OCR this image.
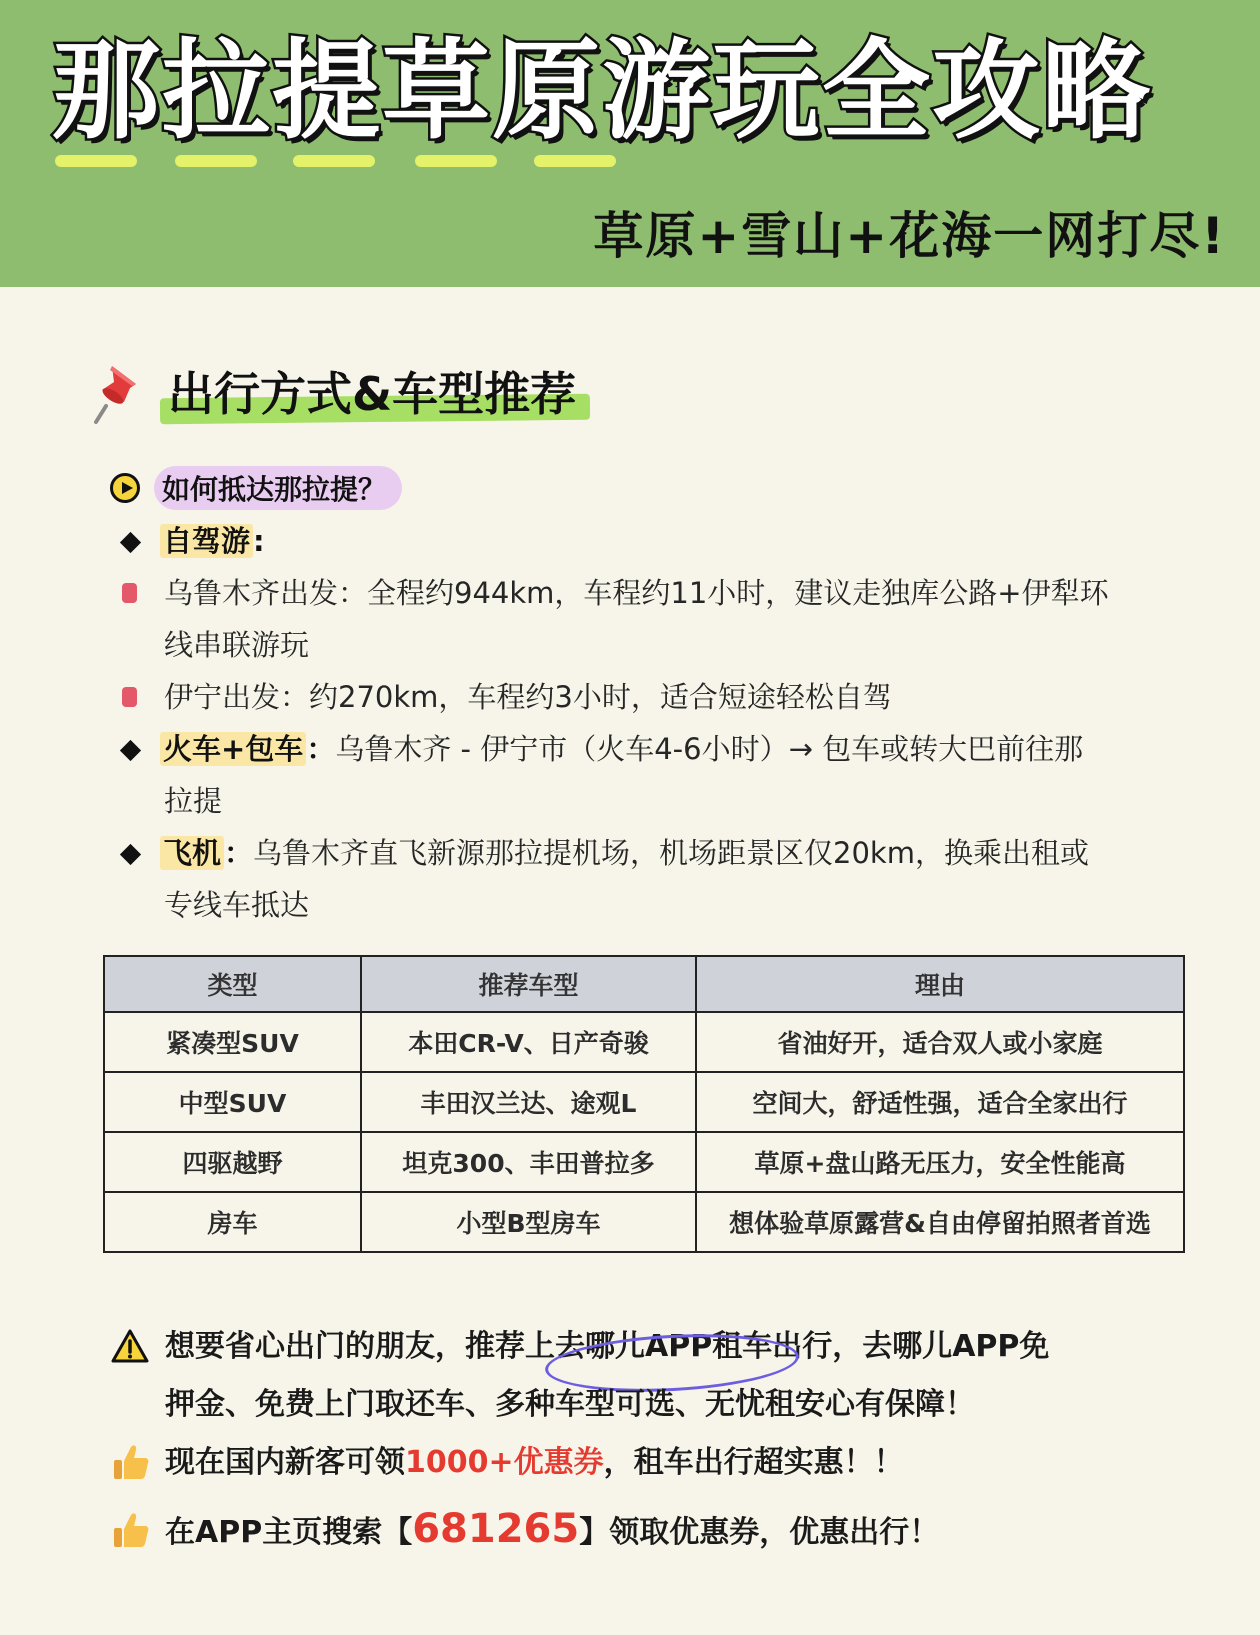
那拉提草原游玩全攻略
草原+雪山+花海一网打尽!
出行方式&车型推荐
如何抵达那拉提？
自驾游 :
乌鲁木齐出发：全程约944km，车程约11小时，建议走独库公路+伊犁环
线串联游玩
伊宁出发：约270km，车程约3小时，适合短途轻松自驾
火车+包车 ：乌鲁木齐 - 伊宁市（火车4-6小时）→ 包车或转大巴前往那
拉提
飞机 ：乌鲁木齐直飞新源那拉提机场，机场距景区仅20km，换乘出租或
专线车抵达
类型	推荐车型	理由
紧凑型SUV	本田CR-V、日产奇骏	省油好开，适合双人或小家庭
中型SUV	丰田汉兰达、途观L	空间大，舒适性强，适合全家出行
四驱越野	坦克300、丰田普拉多	草原+盘山路无压力，安全性能高
房车	小型B型房车	想体验草原露营&自由停留拍照者首选
想要省心出门的朋友，推荐上
去哪儿APP租车出行，去哪儿APP免
押金、免费上门取还车、多种车型可选、无忧租安心有保障！
现在国内新客可领1000+优惠券，租车出行超实惠！！
在APP主页搜索【681265】领取优惠券，优惠出行！
